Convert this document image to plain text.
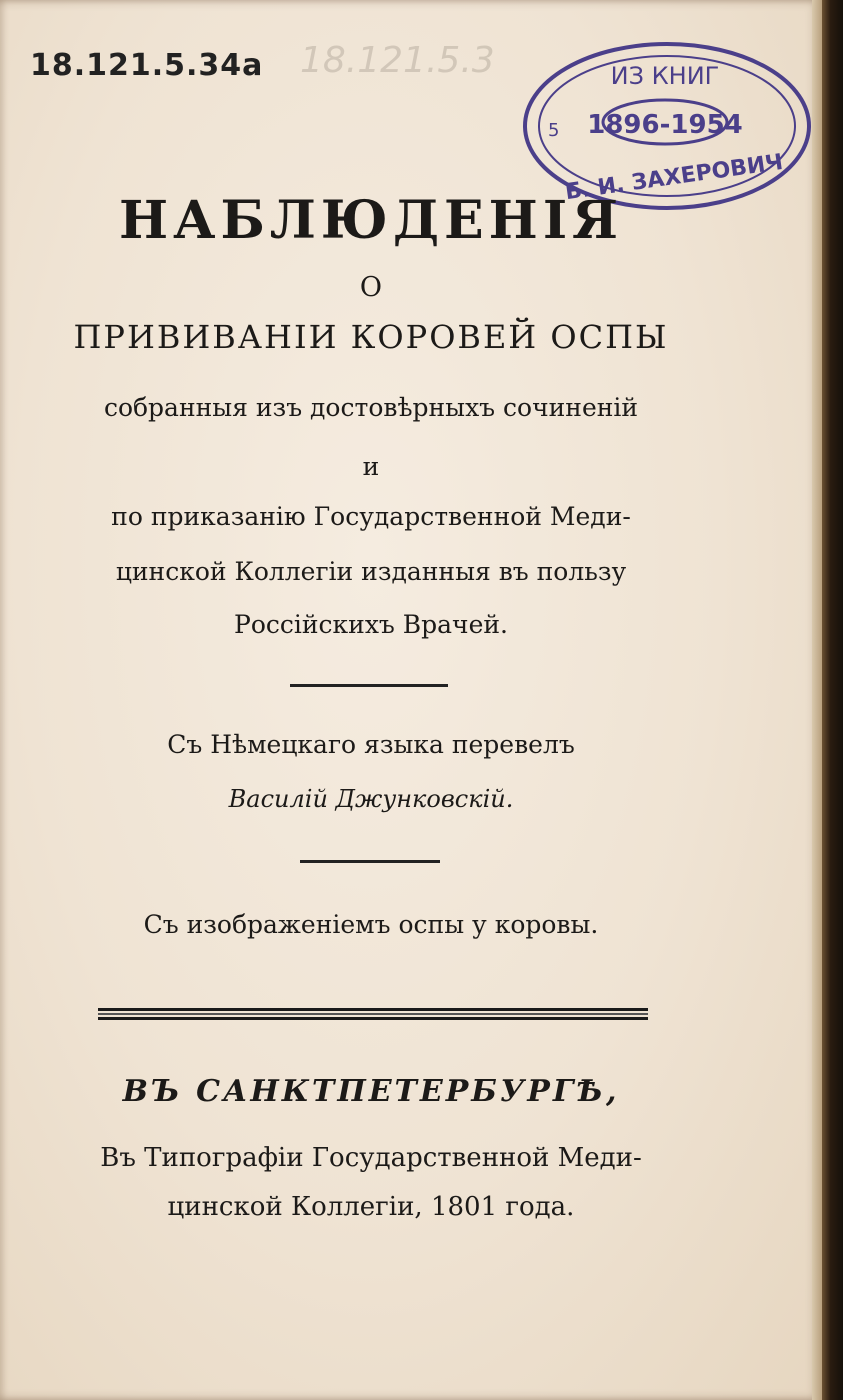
18.121.5.34a 18.121.5.3	ИЗ КНИГ
1896-1954
5
Б. И. ЗАХЕРОВИЧ
НАБЛЮДЕНІЯ
О
ПРИВИВАНІИ КОРОВЕЙ ОСПЫ
собранныя изъ достовѣрныхъ сочиненій
и
по приказанію Государственной Меди-
цинской Коллегіи изданныя въ пользу
Россійскихъ Врачей.
Съ Нѣмецкаго языка перевелъ
Василій Джунковскій.
Съ изображеніемъ оспы у коровы.
ВЪ САНКТПЕТЕРБУРГѢ,
Въ Типографіи Государственной Меди-
цинской Коллегіи, 1801 года.
